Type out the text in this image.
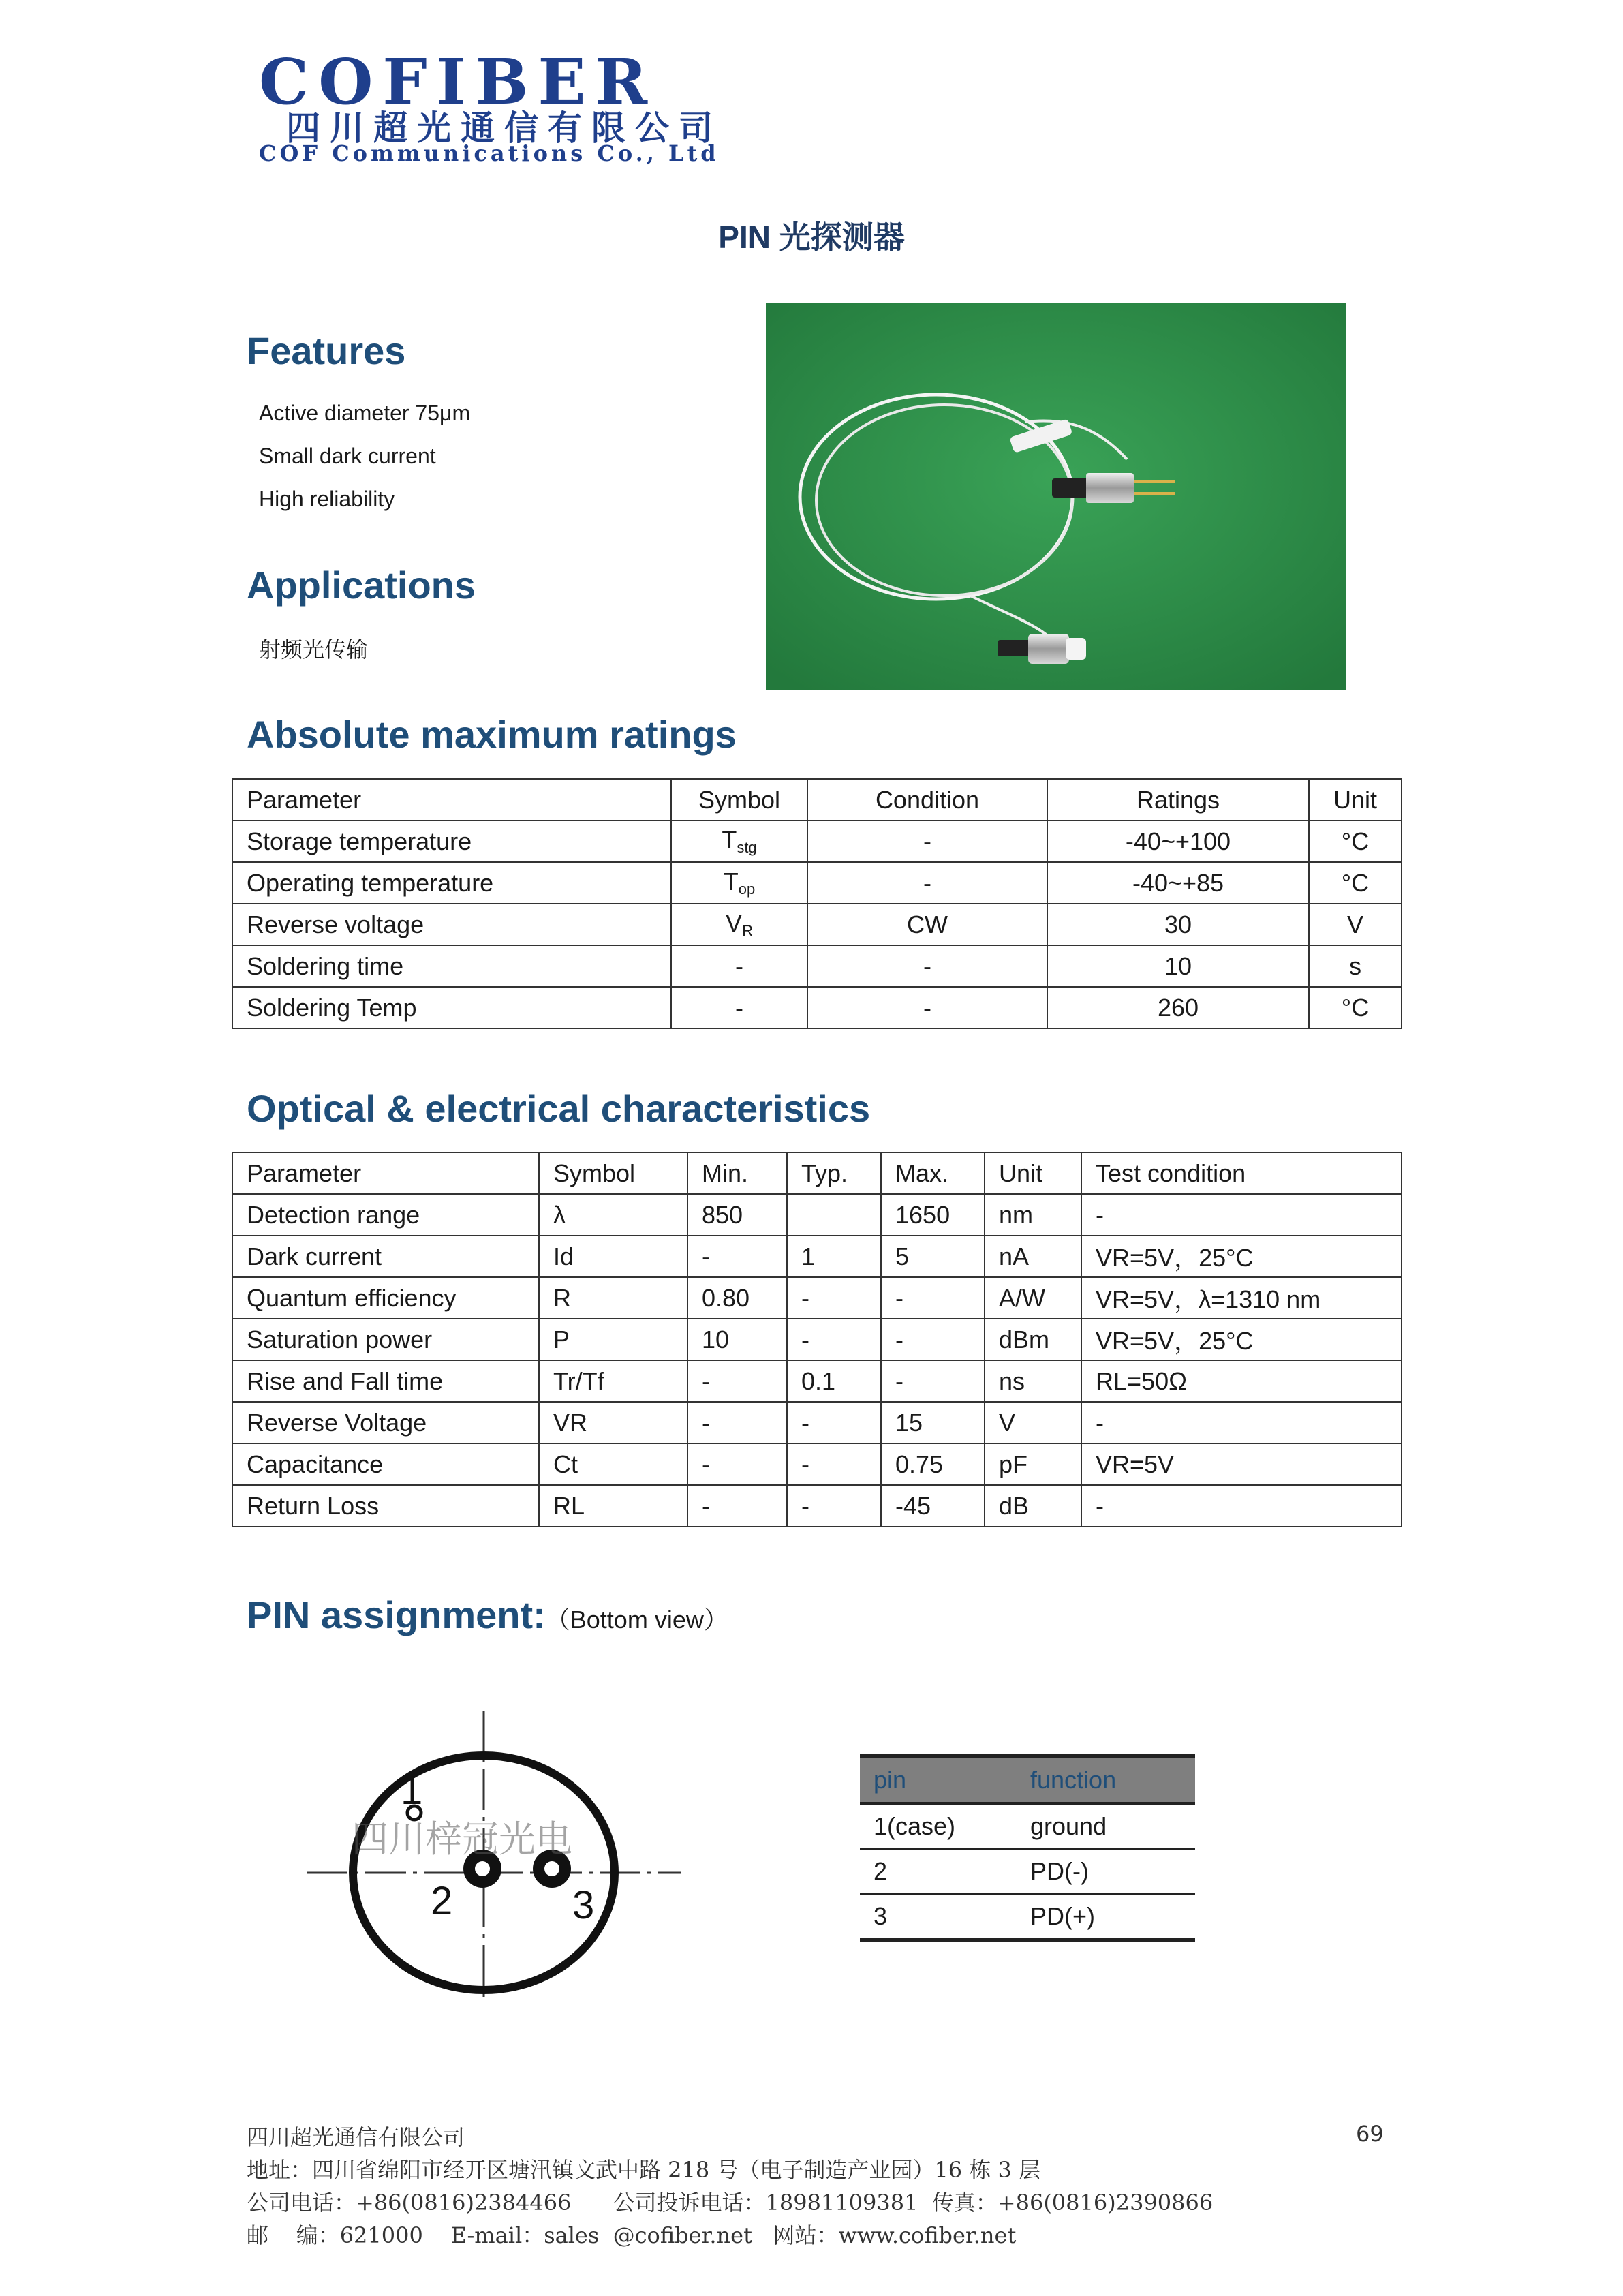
COFIBER
四川超光通信有限公司
COF Communications Co., Ltd
PIN 光探测器
Features
Active diameter 75μm
Small dark current
High reliability
Applications
射频光传输
Absolute maximum ratings
Parameter	Symbol	Condition	Ratings	Unit
Storage temperature	$T_{stg}$	-	-40~+100	°C
Operating temperature	$T_{op}$	-	-40~+85	°C
Reverse voltage	$V_R$	CW	30	V
Soldering time	-	-	10	s
Soldering Temp	-	-	260	°C
Optical & electrical characteristics
Parameter	Symbol	Min.	Typ.	Max.	Unit	Test condition
Detection range	λ	850		1650	nm	-
Dark current	Id	-	1	5	nA	VR=5V，25°C
Quantum efficiency	R	0.80	-	-	A/W	VR=5V，λ=1310 nm
Saturation power	P	10	-	-	dBm	VR=5V，25°C
Rise and Fall time	Tr/Tf	-	0.1	-	ns	RL=50Ω
Reverse Voltage	VR	-	-	15	V	-
Capacitance	Ct	-	-	0.75	pF	VR=5V
Return Loss	RL	-	-	-45	dB	-
PIN assignment:（Bottom view）
1
2	3
四川梓冠光电
pin	function
1(case)	ground
2	PD(-)
3	PD(+)
四川超光通信有限公司
地址：四川省绵阳市经开区塘汛镇文武中路 218 号（电子制造产业园）16 栋 3 层
公司电话：+86(0816)2384466      公司投诉电话：18981109381  传真：+86(0816)2390866
邮    编：621000    E-mail：sales  @cofiber.net   网站：www.cofiber.net
69
